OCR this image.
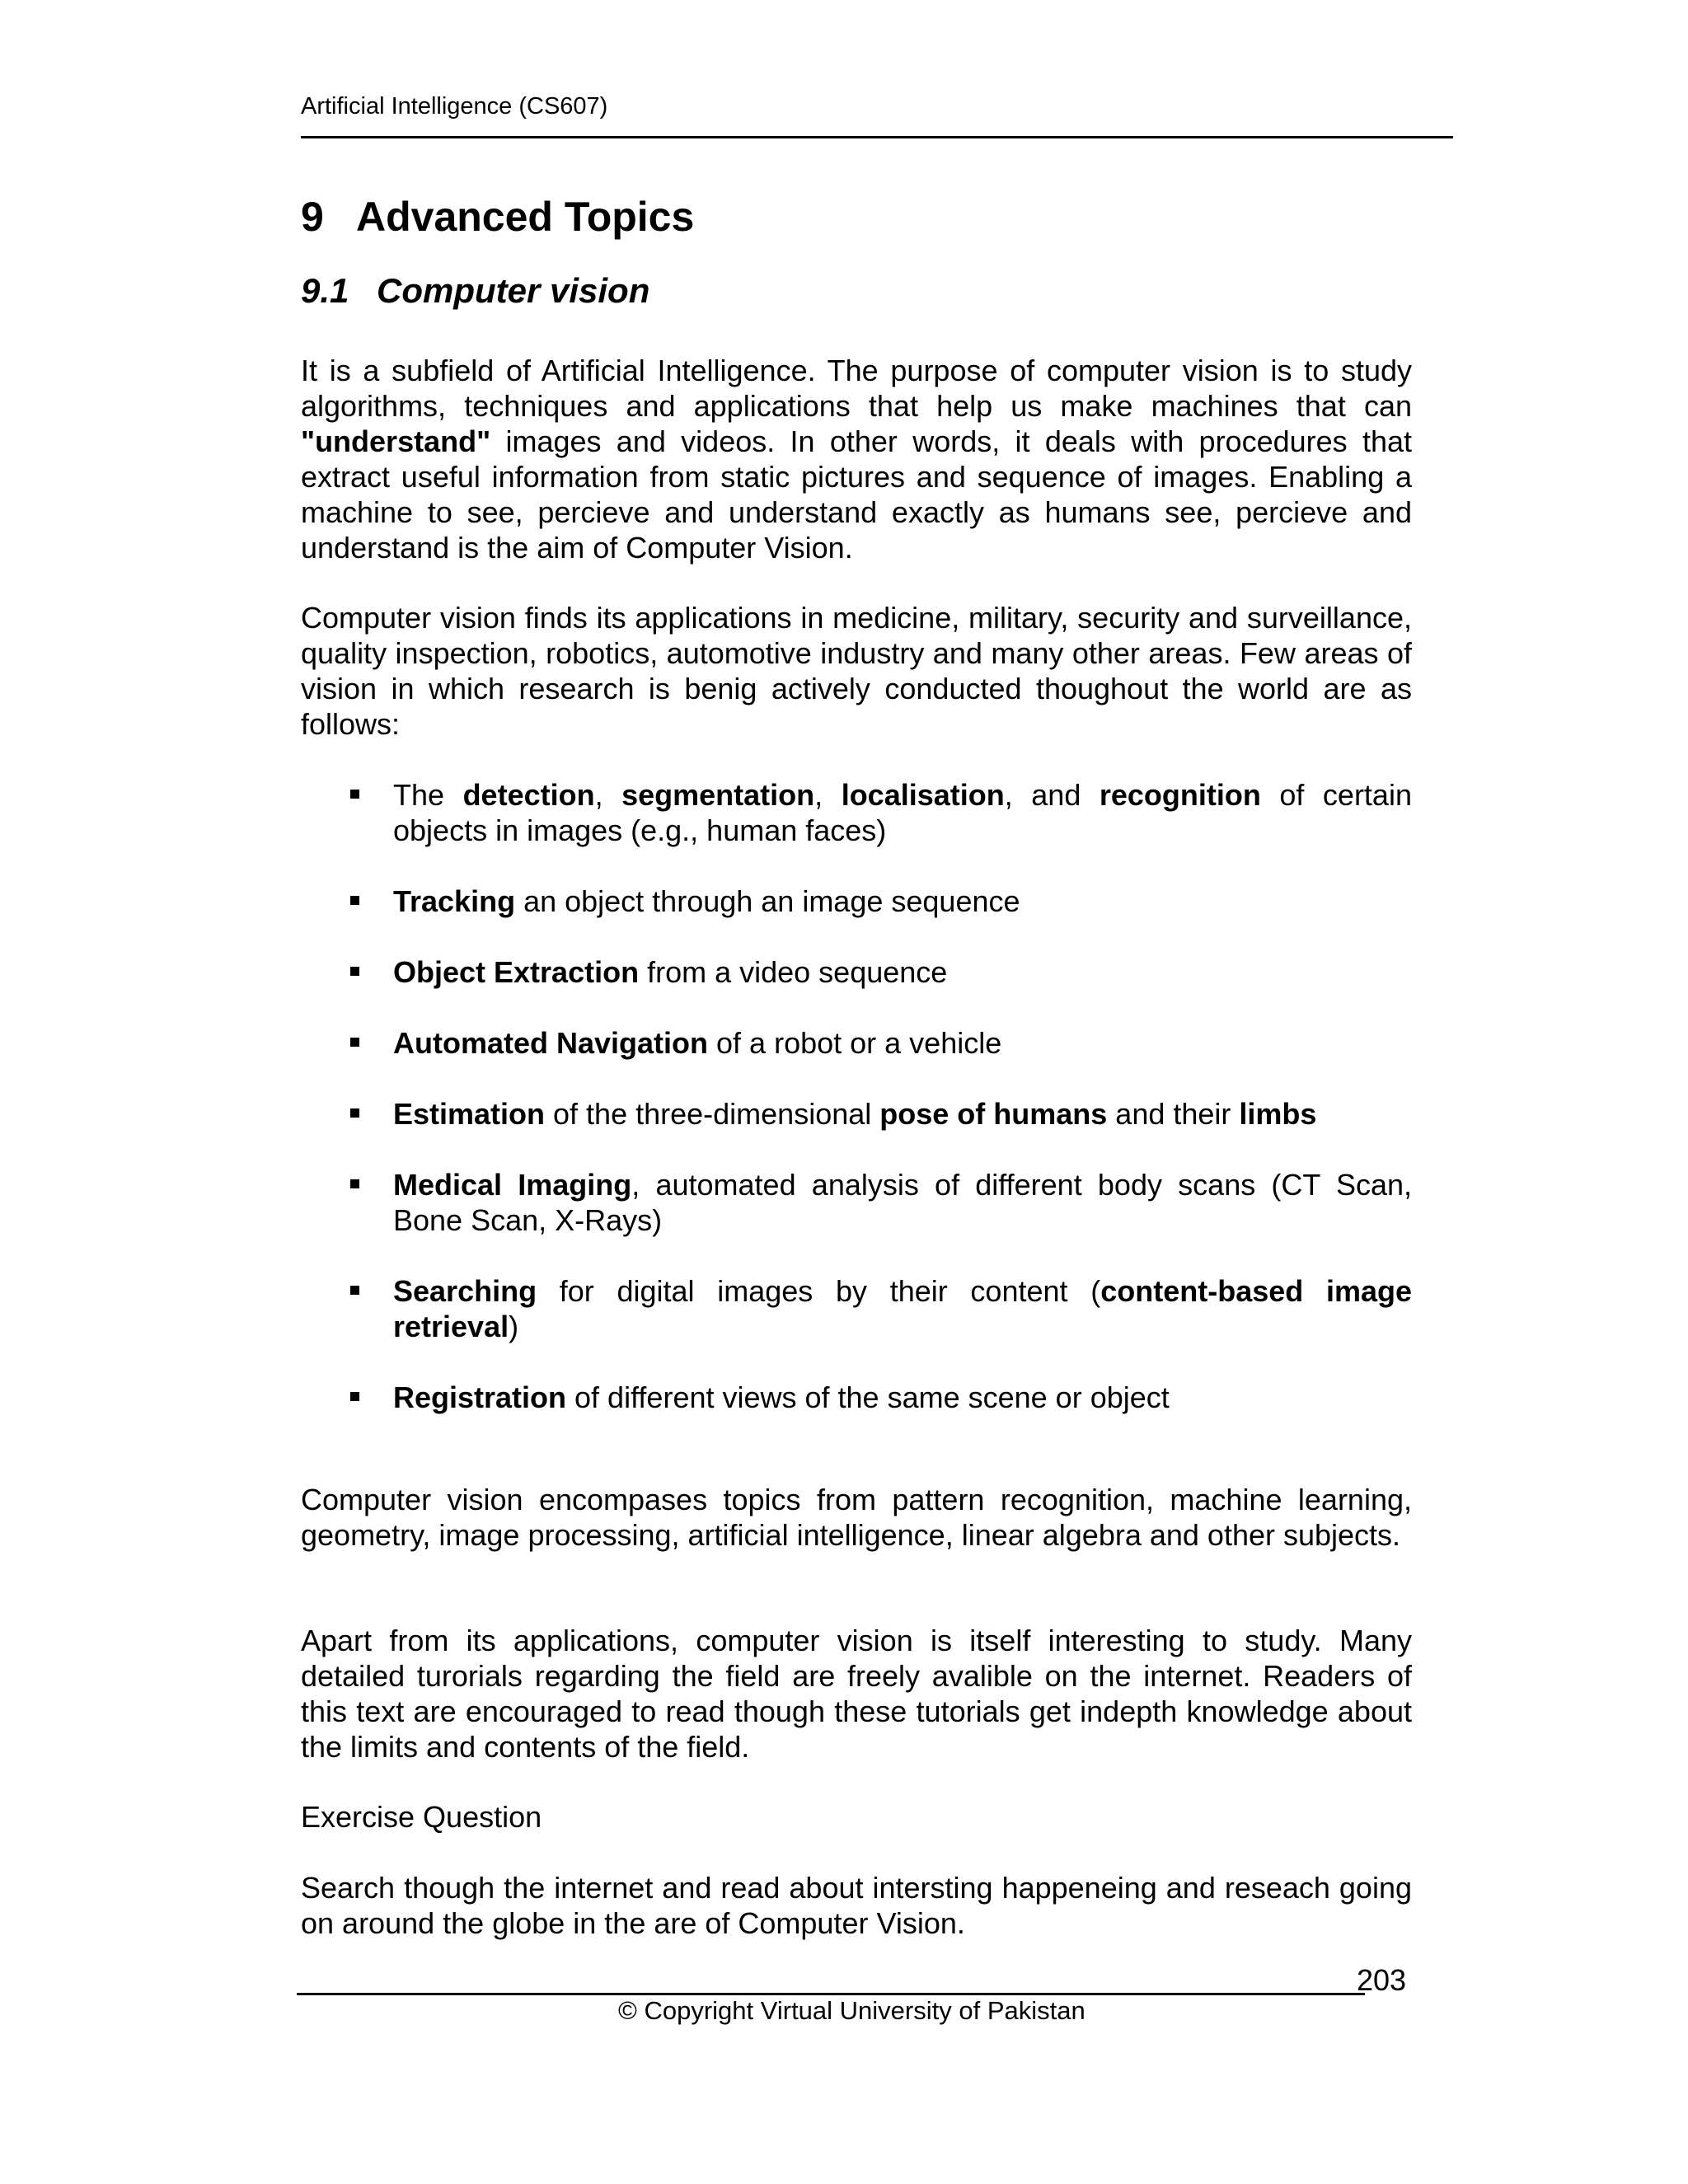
Artificial Intelligence (CS607)
9 Advanced Topics
9.1 Computer vision
It is a subfield of Artificial Intelligence. The purpose of computer vision is to study algorithms, techniques and applications that help us make machines that can "understand" images and videos. In other words, it deals with procedures that extract useful information from static pictures and sequence of images. Enabling a machine to see, percieve and understand exactly as humans see, percieve and understand is the aim of Computer Vision.
Computer vision finds its applications in medicine, military, security and surveillance, quality inspection, robotics, automotive industry and many other areas. Few areas of vision in which research is benig actively conducted thoughout the world are as follows:
The detection, segmentation, localisation, and recognition of certain objects in images (e.g., human faces)
Tracking an object through an image sequence
Object Extraction from a video sequence
Automated Navigation of a robot or a vehicle
Estimation of the three-dimensional pose of humans and their limbs
Medical Imaging, automated analysis of different body scans (CT Scan, Bone Scan, X-Rays)
Searching for digital images by their content (content-based image retrieval)
Registration of different views of the same scene or object
Computer vision encompases topics from pattern recognition, machine learning, geometry, image processing, artificial intelligence, linear algebra and other subjects.
Apart from its applications, computer vision is itself interesting to study. Many detailed turorials regarding the field are freely avalible on the internet. Readers of this text are encouraged to read though these tutorials get indepth knowledge about the limits and contents of the field.
Exercise Question
Search though the internet and read about intersting happeneing and reseach going on around the globe in the are of Computer Vision.
203
© Copyright Virtual University of Pakistan
